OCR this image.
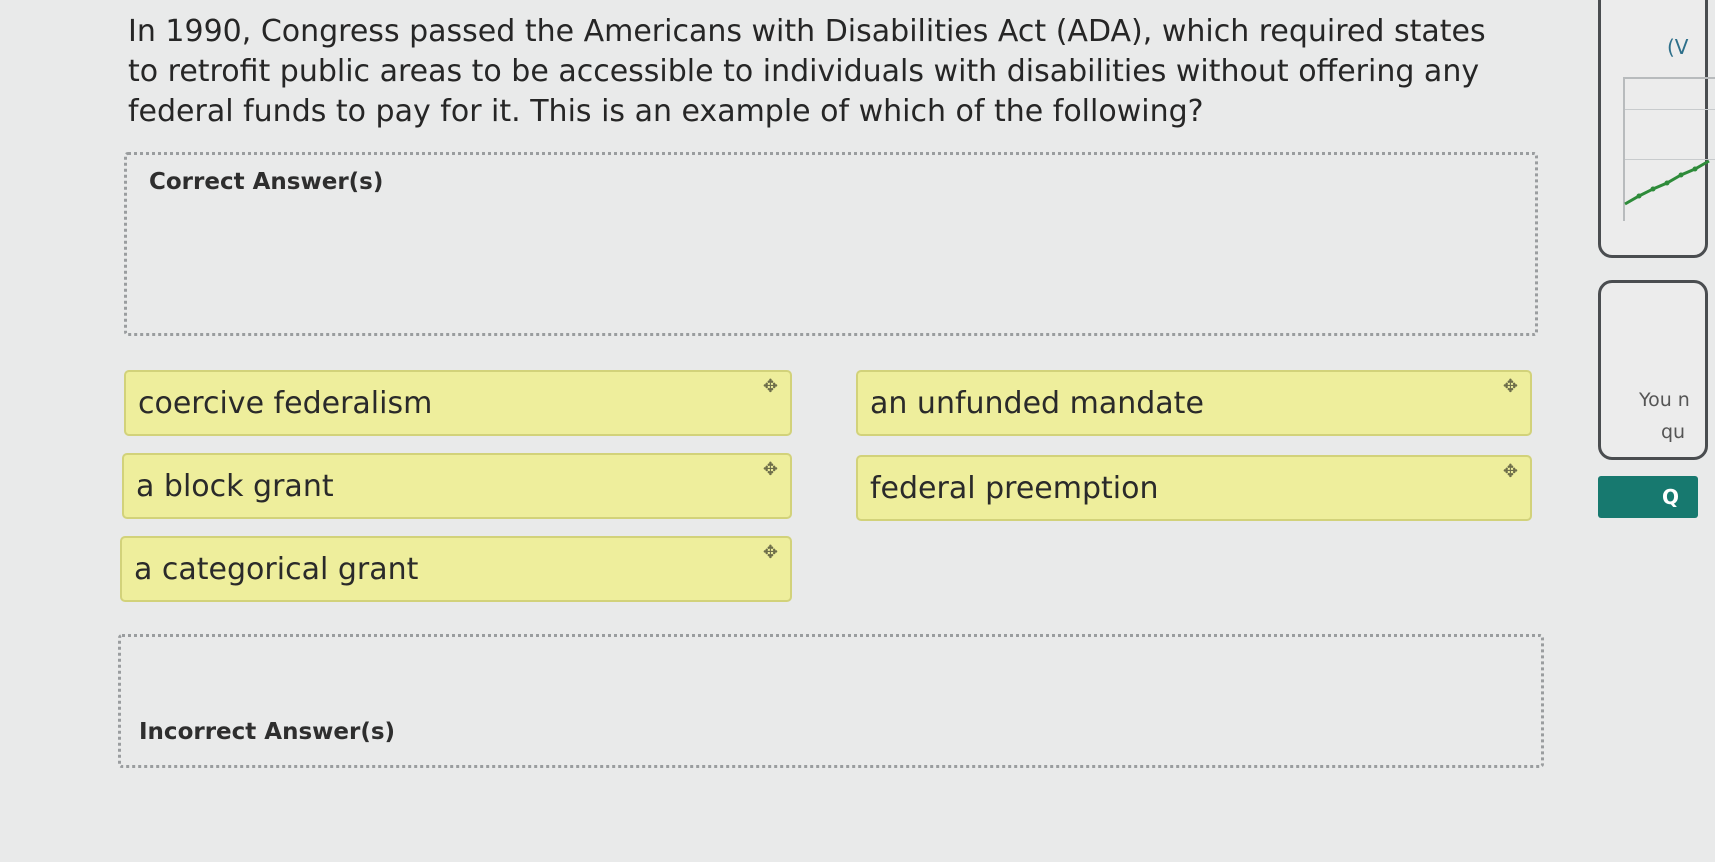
In 1990, Congress passed the Americans with Disabilities Act (ADA), which required states to retrofit public areas to be accessible to individuals with disabilities without offering any federal funds to pay for it. This is an example of which of the following?
Correct Answer(s)
coercive federalism	✥	an unfunded mandate	✥
a block grant	✥
federal preemption	✥
a categorical grant	✥
Incorrect Answer(s)
(V
You n
qu
Q
